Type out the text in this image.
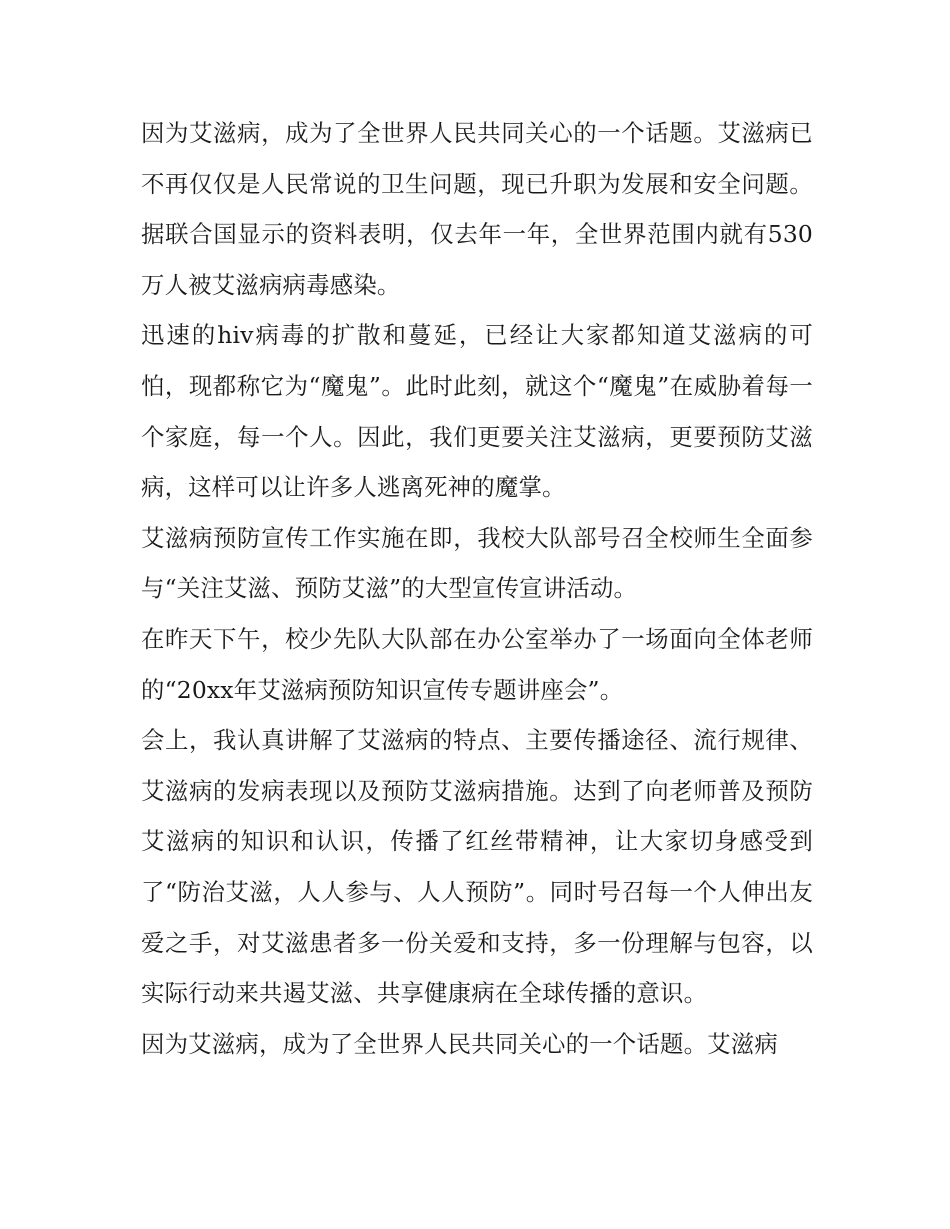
因为艾滋病，成为了全世界人民共同关心的一个话题。艾滋病已不再仅仅是人民常说的卫生问题，现已升职为发展和安全问题。据联合国显示的资料表明，仅去年一年，全世界范围内就有530万人被艾滋病病毒感染。

迅速的hiv病毒的扩散和蔓延，已经让大家都知道艾滋病的可怕，现都称它为“魔鬼”。此时此刻，就这个“魔鬼”在威胁着每一个家庭，每一个人。因此，我们更要关注艾滋病，更要预防艾滋病，这样可以让许多人逃离死神的魔掌。

艾滋病预防宣传工作实施在即，我校大队部号召全校师生全面参与“关注艾滋、预防艾滋”的大型宣传宣讲活动。

在昨天下午，校少先队大队部在办公室举办了一场面向全体老师的“20xx年艾滋病预防知识宣传专题讲座会”。

会上，我认真讲解了艾滋病的特点、主要传播途径、流行规律、艾滋病的发病表现以及预防艾滋病措施。达到了向老师普及预防艾滋病的知识和认识，传播了红丝带精神，让大家切身感受到了“防治艾滋，人人参与、人人预防”。同时号召每一个人伸出友爱之手，对艾滋患者多一份关爱和支持，多一份理解与包容，以实际行动来共遏艾滋、共享健康病在全球传播的意识。

因为艾滋病，成为了全世界人民共同关心的一个话题。艾滋病
